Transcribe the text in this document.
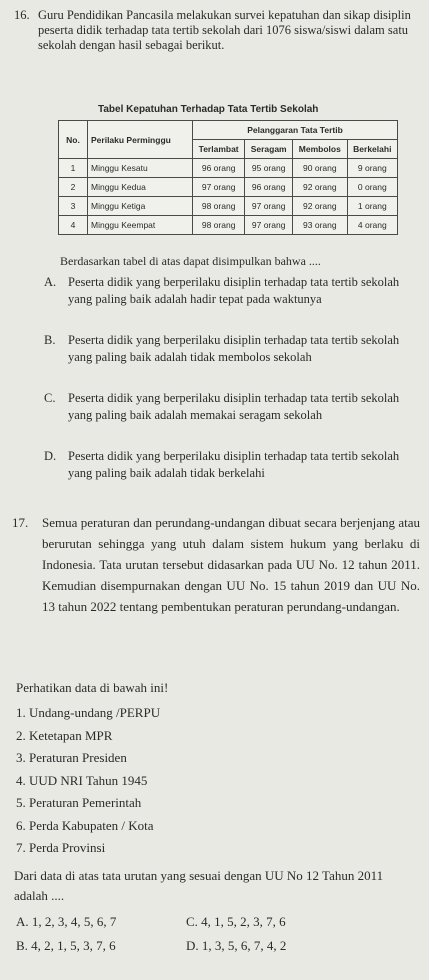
16. Guru Pendidikan Pancasila melakukan survei kepatuhan dan sikap disiplin peserta didik terhadap tata tertib sekolah dari 1076 siswa/siswi dalam satu sekolah dengan hasil sebagai berikut.
Tabel Kepatuhan Terhadap Tata Tertib Sekolah
No.	Perilaku Perminggu	Pelanggaran Tata Tertib			
		Terlambat	Seragam	Membolos	Berkelahi
1	Minggu Kesatu	96 orang	95 orang	90 orang	9 orang
2	Minggu Kedua	97 orang	96 orang	92 orang	0 orang
3	Minggu Ketiga	98 orang	97 orang	92 orang	1 orang
4	Minggu Keempat	98 orang	97 orang	93 orang	4 orang
Berdasarkan tabel di atas dapat disimpulkan bahwa ....
A. Peserta didik yang berperilaku disiplin terhadap tata tertib sekolah yang paling baik adalah hadir tepat pada waktunya
B. Peserta didik yang berperilaku disiplin terhadap tata tertib sekolah yang paling baik adalah tidak membolos sekolah
C. Peserta didik yang berperilaku disiplin terhadap tata tertib sekolah yang paling baik adalah memakai seragam sekolah
D. Peserta didik yang berperilaku disiplin terhadap tata tertib sekolah yang paling baik adalah tidak berkelahi
17. Semua peraturan dan perundang-undangan dibuat secara berjenjang atau berurutan sehingga yang utuh dalam sistem hukum yang berlaku di Indonesia. Tata urutan tersebut didasarkan pada UU No. 12 tahun 2011. Kemudian disempurnakan dengan UU No. 15 tahun 2019 dan UU No. 13 tahun 2022 tentang pembentukan peraturan perundang-undangan.
Perhatikan data di bawah ini!
1. Undang-undang /PERPU
2. Ketetapan MPR
3. Peraturan Presiden
4. UUD NRI Tahun 1945
5. Peraturan Pemerintah
6. Perda Kabupaten / Kota
7. Perda Provinsi
Dari data di atas tata urutan yang sesuai dengan UU No 12 Tahun 2011 adalah ....
A. 1, 2, 3, 4, 5, 6, 7
B. 4, 2, 1, 5, 3, 7, 6
C. 4, 1, 5, 2, 3, 7, 6
D. 1, 3, 5, 6, 7, 4, 2
